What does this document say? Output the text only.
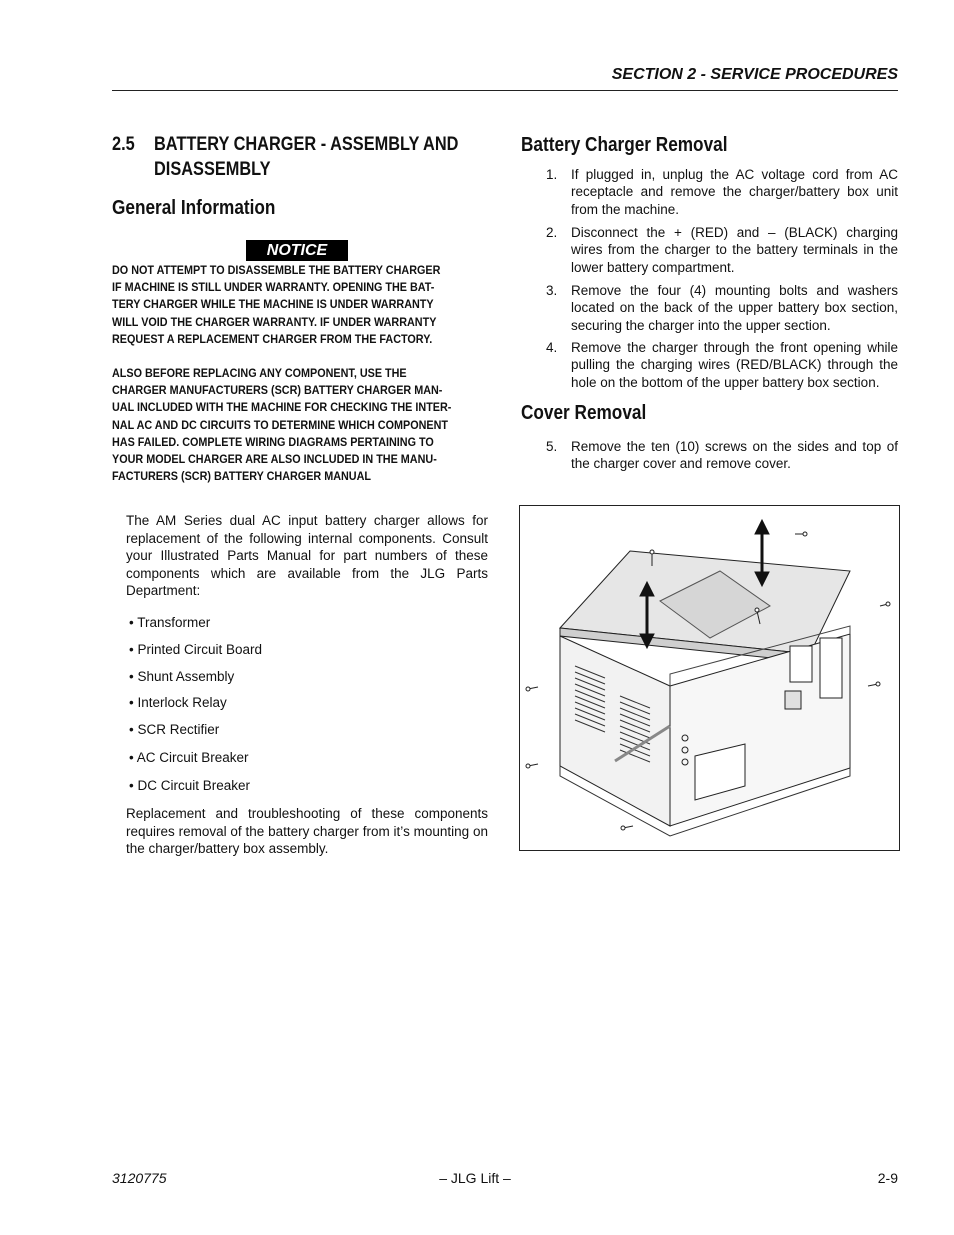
SECTION 2 - SERVICE PROCEDURES
2.5 BATTERY CHARGER - ASSEMBLY AND
DISASSEMBLY
General Information
NOTICE
DO NOT ATTEMPT TO DISASSEMBLE THE BATTERY CHARGER
IF MACHINE IS STILL UNDER WARRANTY. OPENING THE BAT-
TERY CHARGER WHILE THE MACHINE IS UNDER WARRANTY
WILL VOID THE CHARGER WARRANTY. IF UNDER WARRANTY
REQUEST A REPLACEMENT CHARGER FROM THE FACTORY.
ALSO BEFORE REPLACING ANY COMPONENT, USE THE
CHARGER MANUFACTURERS (SCR) BATTERY CHARGER MAN-
UAL INCLUDED WITH THE MACHINE FOR CHECKING THE INTER-
NAL AC AND DC CIRCUITS TO DETERMINE WHICH COMPONENT
HAS FAILED. COMPLETE WIRING DIAGRAMS PERTAINING TO
YOUR MODEL CHARGER ARE ALSO INCLUDED IN THE MANU-
FACTURERS (SCR) BATTERY CHARGER MANUAL
The AM Series dual AC input battery charger allows for replacement of the following internal components. Consult your Illustrated Parts Manual for part numbers of these components which are available from the JLG Parts Department:
• Transformer
• Printed Circuit Board
• Shunt Assembly
• Interlock Relay
• SCR Rectifier
• AC Circuit Breaker
• DC Circuit Breaker
Replacement and troubleshooting of these components requires removal of the battery charger from it’s mounting on the charger/battery box assembly.
Battery Charger Removal
1. If plugged in, unplug the AC voltage cord from AC receptacle and remove the charger/battery box unit from the machine.
2. Disconnect the + (RED) and – (BLACK) charging wires from the charger to the battery terminals in the lower battery compartment.
3. Remove the four (4) mounting bolts and washers located on the back of the upper battery box section, securing the charger into the upper section.
4. Remove the charger through the front opening while pulling the charging wires (RED/BLACK) through the hole on the bottom of the upper battery box section.
Cover Removal
5. Remove the ten (10) screws on the sides and top of the charger cover and remove cover.
3120775	– JLG Lift –	2-9
